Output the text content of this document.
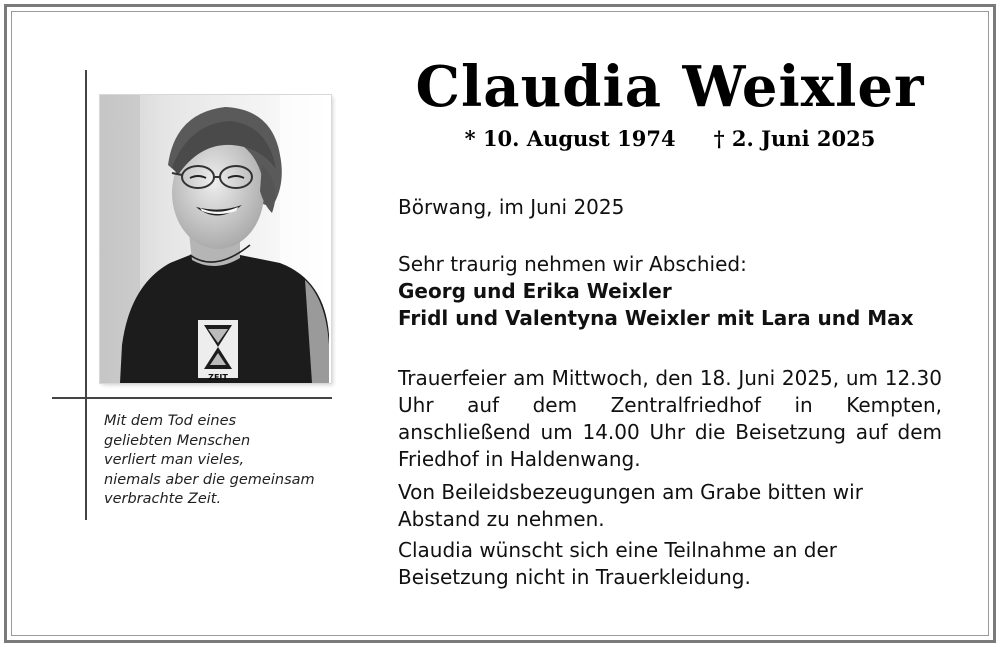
ZEIT
Mit dem Tod eines
geliebten Menschen
verliert man vieles,
niemals aber die gemeinsam
verbrachte Zeit.
Claudia Weixler
* 10. August 1974 † 2. Juni 2025
Börwang, im Juni 2025
Sehr traurig nehmen wir Abschied:
Georg und Erika Weixler
Fridl und Valentyna Weixler mit Lara und Max
Trauerfeier am Mittwoch, den 18. Juni 2025, um 12.30 Uhr auf dem Zentralfriedhof in Kempten, anschließend um 14.00 Uhr die Beisetzung auf dem Friedhof in Haldenwang.
Von Beileidsbezeugungen am Grabe bitten wir
Abstand zu nehmen.
Claudia wünscht sich eine Teilnahme an der
Beisetzung nicht in Trauerkleidung.
